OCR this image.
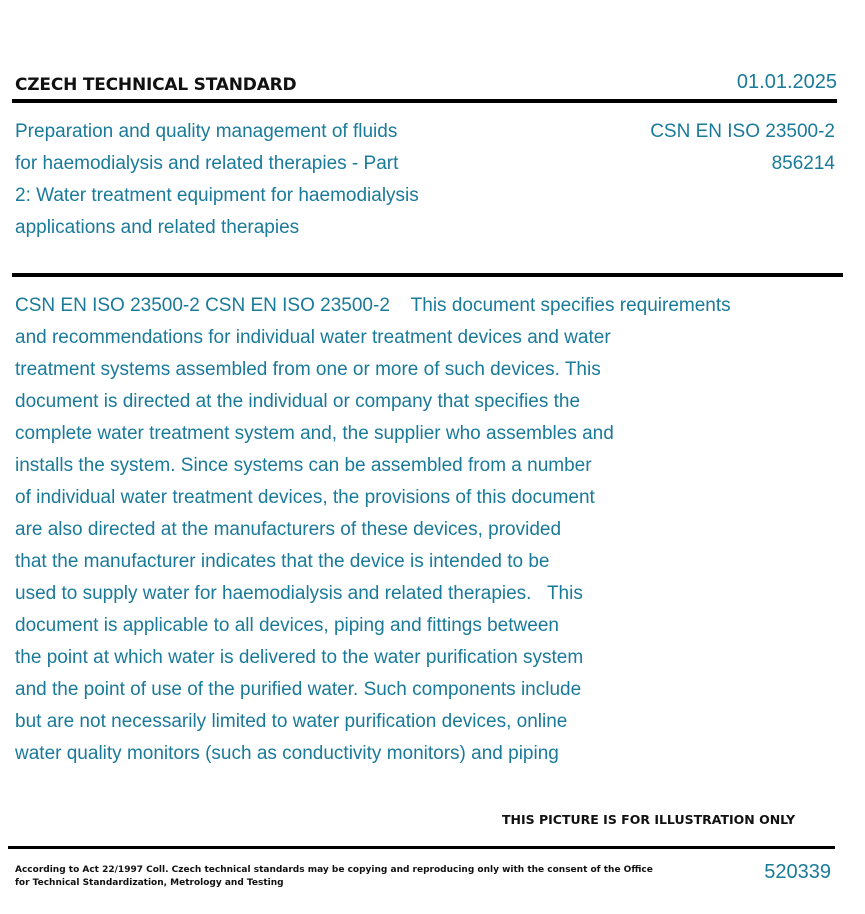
CZECH TECHNICAL STANDARD	01.01.2025
Preparation and quality management of fluids
for haemodialysis and related therapies - Part
2: Water treatment equipment for haemodialysis
applications and related therapies
CSN EN ISO 23500-2
856214
CSN EN ISO 23500-2 CSN EN ISO 23500-2    This document specifies requirements
and recommendations for individual water treatment devices and water
treatment systems assembled from one or more of such devices. This
document is directed at the individual or company that specifies the
complete water treatment system and, the supplier who assembles and
installs the system. Since systems can be assembled from a number
of individual water treatment devices, the provisions of this document
are also directed at the manufacturers of these devices, provided
that the manufacturer indicates that the device is intended to be
used to supply water for haemodialysis and related therapies.   This
document is applicable to all devices, piping and fittings between
the point at which water is delivered to the water purification system
and the point of use of the purified water. Such components include
but are not necessarily limited to water purification devices, online
water quality monitors (such as conductivity monitors) and piping
THIS PICTURE IS FOR ILLUSTRATION ONLY
According to Act 22/1997 Coll. Czech technical standards may be copying and reproducing only with the consent of the Office
for Technical Standardization, Metrology and Testing	520339
